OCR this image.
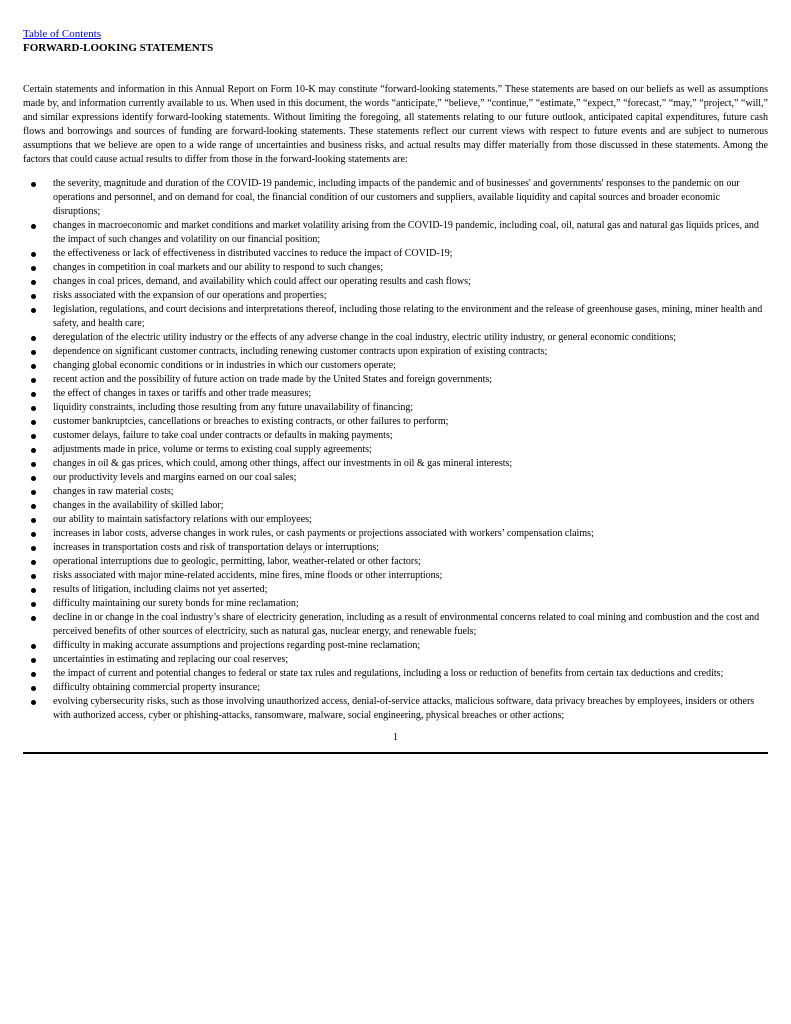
Table of Contents
FORWARD-LOOKING STATEMENTS

Certain statements and information in this Annual Report on Form 10-K may constitute “forward-looking statements.” These statements are based on our beliefs as well as assumptions made by, and information currently available to us. When used in this document, the words “anticipate,” “believe,” “continue,” “estimate,” “expect,” “forecast,” “may,” “project,” “will,” and similar expressions identify forward-looking statements. Without limiting the foregoing, all statements relating to our future outlook, anticipated capital expenditures, future cash flows and borrowings and sources of funding are forward-looking statements. These statements reflect our current views with respect to future events and are subject to numerous assumptions that we believe are open to a wide range of uncertainties and business risks, and actual results may differ materially from those discussed in these statements. Among the factors that could cause actual results to differ from those in the forward-looking statements are:

the severity, magnitude and duration of the COVID-19 pandemic, including impacts of the pandemic and of businesses' and governments' responses to the pandemic on our operations and personnel, and on demand for coal, the financial condition of our customers and suppliers, available liquidity and capital sources and broader economic disruptions;
changes in macroeconomic and market conditions and market volatility arising from the COVID-19 pandemic, including coal, oil, natural gas and natural gas liquids prices, and the impact of such changes and volatility on our financial position;
the effectiveness or lack of effectiveness in distributed vaccines to reduce the impact of COVID-19;
changes in competition in coal markets and our ability to respond to such changes;
changes in coal prices, demand, and availability which could affect our operating results and cash flows;
risks associated with the expansion of our operations and properties;
legislation, regulations, and court decisions and interpretations thereof, including those relating to the environment and the release of greenhouse gases, mining, miner health and safety, and health care;
deregulation of the electric utility industry or the effects of any adverse change in the coal industry, electric utility industry, or general economic conditions;
dependence on significant customer contracts, including renewing customer contracts upon expiration of existing contracts;
changing global economic conditions or in industries in which our customers operate;
recent action and the possibility of future action on trade made by the United States and foreign governments;
the effect of changes in taxes or tariffs and other trade measures;
liquidity constraints, including those resulting from any future unavailability of financing;
customer bankruptcies, cancellations or breaches to existing contracts, or other failures to perform;
customer delays, failure to take coal under contracts or defaults in making payments;
adjustments made in price, volume or terms to existing coal supply agreements;
changes in oil & gas prices, which could, among other things, affect our investments in oil & gas mineral interests;
our productivity levels and margins earned on our coal sales;
changes in raw material costs;
changes in the availability of skilled labor;
our ability to maintain satisfactory relations with our employees;
increases in labor costs, adverse changes in work rules, or cash payments or projections associated with workers’ compensation claims;
increases in transportation costs and risk of transportation delays or interruptions;
operational interruptions due to geologic, permitting, labor, weather-related or other factors;
risks associated with major mine-related accidents, mine fires, mine floods or other interruptions;
results of litigation, including claims not yet asserted;
difficulty maintaining our surety bonds for mine reclamation;
decline in or change in the coal industry’s share of electricity generation, including as a result of environmental concerns related to coal mining and combustion and the cost and perceived benefits of other sources of electricity, such as natural gas, nuclear energy, and renewable fuels;
difficulty in making accurate assumptions and projections regarding post-mine reclamation;
uncertainties in estimating and replacing our coal reserves;
the impact of current and potential changes to federal or state tax rules and regulations, including a loss or reduction of benefits from certain tax deductions and credits;
difficulty obtaining commercial property insurance;
evolving cybersecurity risks, such as those involving unauthorized access, denial-of-service attacks, malicious software, data privacy breaches by employees, insiders or others with authorized access, cyber or phishing-attacks, ransomware, malware, social engineering, physical breaches or other actions;
1
